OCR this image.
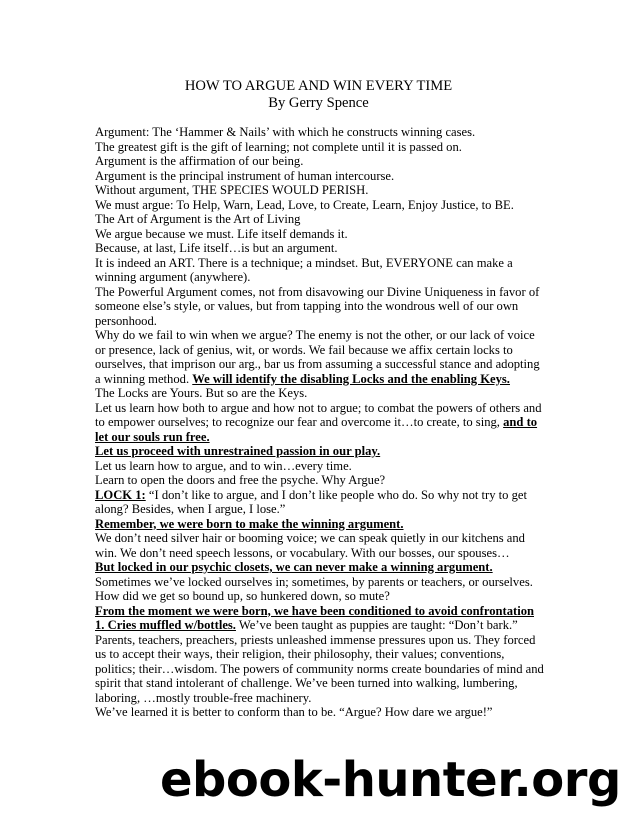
HOW TO ARGUE AND WIN EVERY TIME

By Gerry Spence

Argument: The ‘Hammer & Nails’ with which he constructs winning cases.

The greatest gift is the gift of learning; not complete until it is passed on.

Argument is the affirmation of our being.

Argument is the principal instrument of human intercourse.

Without argument, THE SPECIES WOULD PERISH.

We must argue: To Help, Warn, Lead, Love, to Create, Learn, Enjoy Justice, to BE.

The Art of Argument is the Art of Living

We argue because we must. Life itself demands it.

Because, at last, Life itself…is but an argument.

It is indeed an ART. There is a technique; a mindset. But, EVERYONE can make a winning argument (anywhere).

The Powerful Argument comes, not from disavowing our Divine Uniqueness in favor of someone else’s style, or values, but from tapping into the wondrous well of our own personhood.

Why do we fail to win when we argue? The enemy is not the other, or our lack of voice or presence, lack of genius, wit, or words. We fail because we affix certain locks to ourselves, that imprison our arg., bar us from assuming a successful stance and adopting a winning method. We will identify the disabling Locks and the enabling Keys.

The Locks are Yours. But so are the Keys.

Let us learn how both to argue and how not to argue; to combat the powers of others and to empower ourselves; to recognize our fear and overcome it…to create, to sing, and to let our souls run free.

Let us proceed with unrestrained passion in our play.

Let us learn how to argue, and to win…every time.

Learn to open the doors and free the psyche. Why Argue?

LOCK 1: “I don’t like to argue, and I don’t like people who do. So why not try to get along? Besides, when I argue, I lose.”

Remember, we were born to make the winning argument.

We don’t need silver hair or booming voice; we can speak quietly in our kitchens and win. We don’t need speech lessons, or vocabulary. With our bosses, our spouses…

But locked in our psychic closets, we can never make a winning argument.

Sometimes we’ve locked ourselves in; sometimes, by parents or teachers, or ourselves.

How did we get so bound up, so hunkered down, so mute?

From the moment we were born, we have been conditioned to avoid confrontation

1. Cries muffled w/bottles. We’ve been taught as puppies are taught: “Don’t bark.” Parents, teachers, preachers, priests unleashed immense pressures upon us. They forced us to accept their ways, their religion, their philosophy, their values; conventions, politics; their…wisdom. The powers of community norms create boundaries of mind and spirit that stand intolerant of challenge. We’ve been turned into walking, lumbering, laboring, …mostly trouble-free machinery.

We’ve learned it is better to conform than to be. “Argue? How dare we argue!”

ebook-hunter.org
